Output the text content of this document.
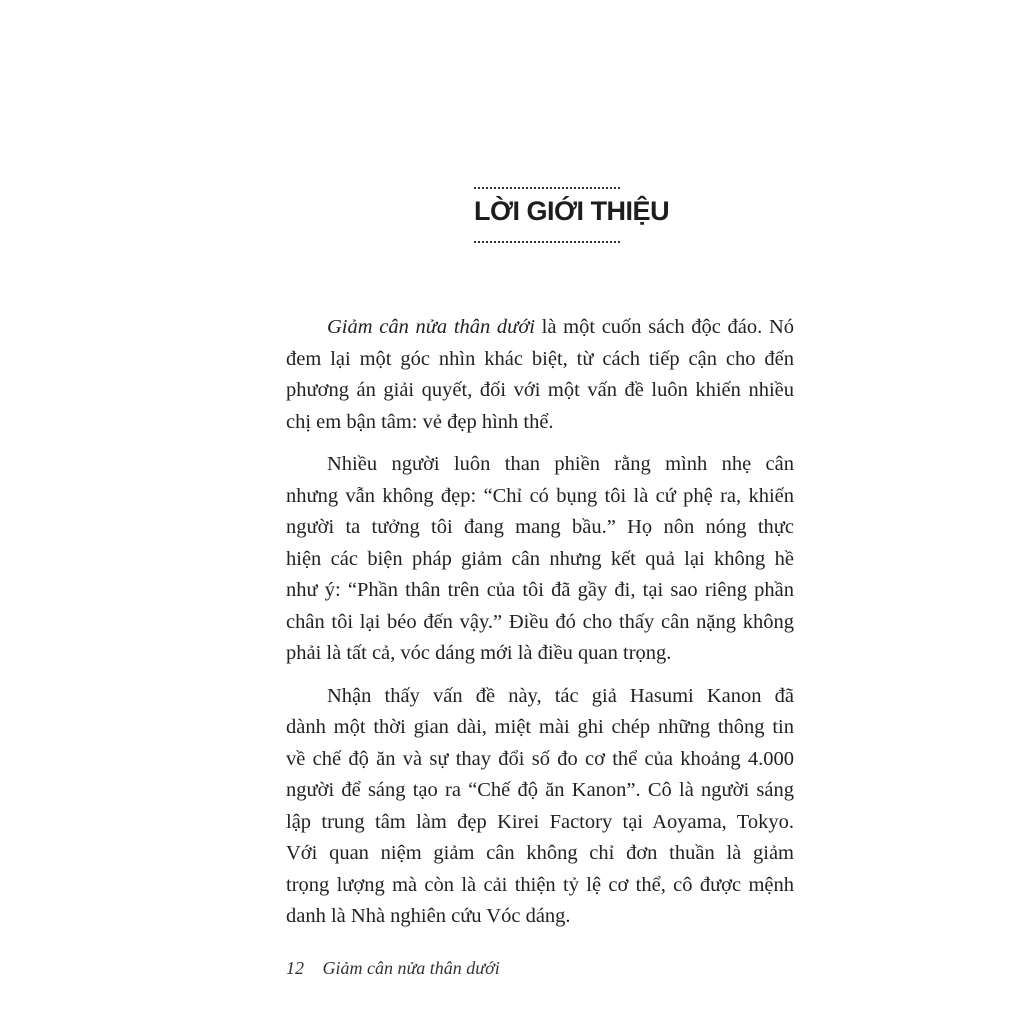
LỜI GIỚI THIỆU
Giảm cân nửa thân dưới là một cuốn sách độc đáo. Nó
đem lại một góc nhìn khác biệt, từ cách tiếp cận cho đến
phương án giải quyết, đối với một vấn đề luôn khiến nhiều
chị em bận tâm: vẻ đẹp hình thể.
Nhiều người luôn than phiền rằng mình nhẹ cân
nhưng vẫn không đẹp: “Chỉ có bụng tôi là cứ phệ ra, khiến
người ta tưởng tôi đang mang bầu.” Họ nôn nóng thực
hiện các biện pháp giảm cân nhưng kết quả lại không hề
như ý: “Phần thân trên của tôi đã gầy đi, tại sao riêng phần
chân tôi lại béo đến vậy.” Điều đó cho thấy cân nặng không
phải là tất cả, vóc dáng mới là điều quan trọng.
Nhận thấy vấn đề này, tác giả Hasumi Kanon đã
dành một thời gian dài, miệt mài ghi chép những thông tin
về chế độ ăn và sự thay đổi số đo cơ thể của khoảng 4.000
người để sáng tạo ra “Chế độ ăn Kanon”. Cô là người sáng
lập trung tâm làm đẹp Kirei Factory tại Aoyama, Tokyo.
Với quan niệm giảm cân không chỉ đơn thuần là giảm
trọng lượng mà còn là cải thiện tỷ lệ cơ thể, cô được mệnh
danh là Nhà nghiên cứu Vóc dáng.
12 Giảm cân nửa thân dưới
